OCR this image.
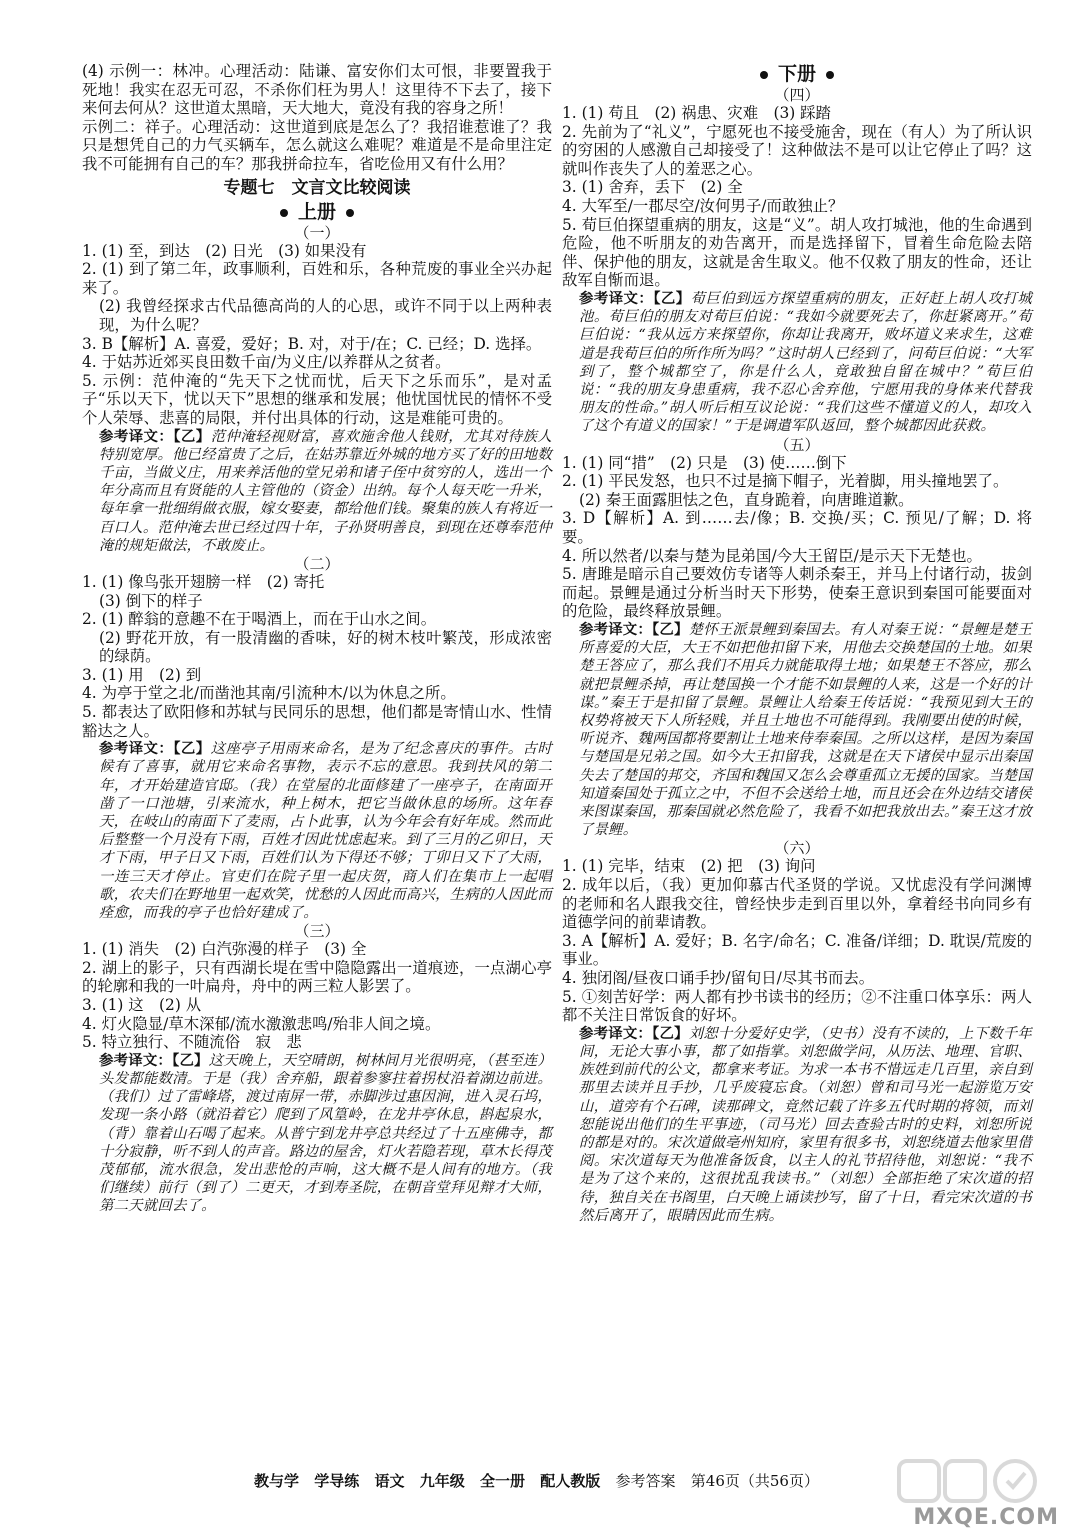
(4) 示例一：林冲。心理活动：陆谦、富安你们太可恨，非要置我于死地！我实在忍无可忍，不杀你们枉为男人！这里待不下去了，接下来何去何从？这世道太黑暗，天大地大，竟没有我的容身之所！

示例二：祥子。心理活动：这世道到底是怎么了？我招谁惹谁了？我只是想凭自己的力气买辆车，怎么就这么难呢？难道是不是命里注定我不可能拥有自己的车？那我拼命拉车，省吃俭用又有什么用？

专题七　文言文比较阅读

上册

（一）

1. (1) 至，到达　(2) 日光　(3) 如果没有

2. (1) 到了第二年，政事顺利，百姓和乐，各种荒废的事业全兴办起来了。

(2) 我曾经探求古代品德高尚的人的心思，或许不同于以上两种表现，为什么呢？

3. B【解析】A. 喜爱，爱好；B. 对，对于/在；C. 已经；D. 选择。

4. 于姑苏近郊买良田数千亩/为义庄/以养群从之贫者。

5. 示例：范仲淹的“先天下之忧而忧，后天下之乐而乐”，是对孟子“乐以天下，忧以天下”思想的继承和发展；他忧国忧民的情怀不受个人荣辱、悲喜的局限，并付出具体的行动，这是难能可贵的。

参考译文：【乙】范仲淹轻视财富，喜欢施舍他人钱财，尤其对待族人特别宽厚。他已经富贵了之后，在姑苏靠近外城的地方买了好的田地数千亩，当做义庄，用来养活他的堂兄弟和诸子侄中贫穷的人，选出一个年分高而且有贤能的人主管他的（资金）出纳。每个人每天吃一升米，每年拿一批细绢做衣服，嫁女娶妻，都给他们钱。聚集的族人有将近一百口人。范仲淹去世已经过四十年，子孙贤明善良，到现在还尊奉范仲淹的规矩做法，不敢废止。

（二）

1. (1) 像鸟张开翅膀一样　(2) 寄托

(3) 倒下的样子

2. (1) 醉翁的意趣不在于喝酒上，而在于山水之间。

(2) 野花开放，有一股清幽的香味，好的树木枝叶繁茂，形成浓密的绿荫。

3. (1) 用　(2) 到

4. 为亭于堂之北/而凿池其南/引流种木/以为休息之所。

5. 都表达了欧阳修和苏轼与民同乐的思想，他们都是寄情山水、性情豁达之人。

参考译文：【乙】这座亭子用雨来命名，是为了纪念喜庆的事件。古时候有了喜事，就用它来命名事物，表示不忘的意思。我到扶风的第二年，才开始建造官邸。（我）在堂屋的北面修建了一座亭子，在南面开凿了一口池塘，引来流水，种上树木，把它当做休息的场所。这年春天，在岐山的南面下了麦雨，占卜此事，认为今年会有好年成。然而此后整整一个月没有下雨，百姓才因此忧虑起来。到了三月的乙卯日，天才下雨，甲子日又下雨，百姓们认为下得还不够；丁卯日又下了大雨，一连三天才停止。官吏们在院子里一起庆贺，商人们在集市上一起唱歌，农夫们在野地里一起欢笑，忧愁的人因此而高兴，生病的人因此而痊愈，而我的亭子也恰好建成了。

（三）

1. (1) 消失　(2) 白汽弥漫的样子　(3) 全

2. 湖上的影子，只有西湖长堤在雪中隐隐露出一道痕迹，一点湖心亭的轮廓和我的一叶扁舟，舟中的两三粒人影罢了。

3. (1) 这　(2) 从

4. 灯火隐显/草木深郁/流水激激悲鸣/殆非人间之境。

5. 特立独行、不随流俗　寂　悲

参考译文：【乙】这天晚上，天空晴朗，树林间月光很明亮，（甚至连）头发都能数清。于是（我）舍弃船，跟着参寥拄着拐杖沿着湖边前进。（我们）过了雷峰塔，渡过南屏一带，赤脚涉过惠因涧，进入灵石坞，发现一条小路（就沿着它）爬到了风篁岭，在龙井亭休息，斟起泉水，（背）靠着山石喝了起来。从普宁到龙井亭总共经过了十五座佛寺，都十分寂静，听不到人的声音。路边的屋舍，灯火若隐若现，草木长得茂茂郁郁，流水很急，发出悲怆的声响，这大概不是人间有的地方。（我们继续）前行（到了）二更天，才到寿圣院，在朝音堂拜见辩才大师，第二天就回去了。

下册

（四）

1. (1) 苟且　(2) 祸患、灾难　(3) 踩踏

2. 先前为了“礼义”，宁愿死也不接受施舍，现在（有人）为了所认识的穷困的人感激自己却接受了！这种做法不是可以让它停止了吗？这就叫作丧失了人的羞恶之心。

3. (1) 舍弃，丢下　(2) 全

4. 大军至/一郡尽空/汝何男子/而敢独止？

5. 荀巨伯探望重病的朋友，这是“义”。胡人攻打城池，他的生命遇到危险，他不听朋友的劝告离开，而是选择留下，冒着生命危险去陪伴、保护他的朋友，这就是舍生取义。他不仅救了朋友的性命，还让敌军自惭而退。

参考译文：【乙】荀巨伯到远方探望重病的朋友，正好赶上胡人攻打城池。荀巨伯的朋友对荀巨伯说：“我如今就要死去了，你赶紧离开。”荀巨伯说：“我从远方来探望你，你却让我离开，败坏道义来求生，这难道是我荀巨伯的所作所为吗？”这时胡人已经到了，问荀巨伯说：“大军到了，整个城都空了，你是什么人，竟敢独自留在城中？”荀巨伯说：“我的朋友身患重病，我不忍心舍弃他，宁愿用我的身体来代替我朋友的性命。”胡人听后相互议论说：“我们这些不懂道义的人，却攻入了这个有道义的国家！”于是调遣军队返回，整个城都因此获救。

（五）

1. (1) 同“措”　(2) 只是　(3) 使……倒下

2. (1) 平民发怒，也只不过是摘下帽子，光着脚，用头撞地罢了。

(2) 秦王面露胆怯之色，直身跪着，向唐雎道歉。

3. D【解析】A. 到……去/像；B. 交换/买；C. 预见/了解；D. 将要。

4. 所以然者/以秦与楚为昆弟国/今大王留臣/是示天下无楚也。

5. 唐雎是暗示自己要效仿专诸等人刺杀秦王，并马上付诸行动，拔剑而起。景鲤是通过分析当时天下形势，使秦王意识到秦国可能要面对的危险，最终释放景鲤。

参考译文：【乙】楚怀王派景鲤到秦国去。有人对秦王说：“景鲤是楚王所喜爱的大臣，大王不如把他扣留下来，用他去交换楚国的土地。如果楚王答应了，那么我们不用兵力就能取得土地；如果楚王不答应，那么就把景鲤杀掉，再让楚国换一个才能不如景鲤的人来，这是一个好的计谋。”秦王于是扣留了景鲤。景鲤让人给秦王传话说：“我预见到大王的权势将被天下人所轻贱，并且土地也不可能得到。我刚要出使的时候，听说齐、魏两国都将要割让土地来侍奉秦国。之所以这样，是因为秦国与楚国是兄弟之国。如今大王扣留我，这就是在天下诸侯中显示出秦国失去了楚国的邦交，齐国和魏国又怎么会尊重孤立无援的国家。当楚国知道秦国处于孤立之中，不但不会送给土地，而且还会在外边结交诸侯来图谋秦国，那秦国就必然危险了，我看不如把我放出去。”秦王这才放了景鲤。

（六）

1. (1) 完毕，结束　(2) 把　(3) 询问

2. 成年以后，（我）更加仰慕古代圣贤的学说。又忧虑没有学问渊博的老师和名人跟我交往，曾经快步走到百里以外，拿着经书向同乡有道德学问的前辈请教。

3. A【解析】A. 爱好；B. 名字/命名；C. 准备/详细；D. 耽误/荒废的事业。

4. 独闭阁/昼夜口诵手抄/留旬日/尽其书而去。

5. ①刻苦好学：两人都有抄书读书的经历；②不注重口体享乐：两人都不关注日常饭食的好坏。

参考译文：【乙】刘恕十分爱好史学，（史书）没有不读的，上下数千年间，无论大事小事，都了如指掌。刘恕做学问，从历法、地理、官职、族姓到前代的公文，都拿来考证。为求一本书不惜远走几百里，亲自到那里去读并且手抄，几乎废寝忘食。（刘恕）曾和司马光一起游览万安山，道旁有个石碑，读那碑文，竟然记载了许多五代时期的将领，而刘恕能说出他们的生平事迹，（司马光）回去查验古时的史料，刘恕所说的都是对的。宋次道做亳州知府，家里有很多书，刘恕绕道去他家里借阅。宋次道每天为他准备饭食，以主人的礼节招待他，刘恕说：“我不是为了这个来的，这很扰乱我读书。”（刘恕）全部拒绝了宋次道的招待，独自关在书阁里，白天晚上诵读抄写，留了十日，看完宋次道的书然后离开了，眼睛因此而生病。

教与学 学导练 语文 九年级 全一册 配人教版 参考答案 第46页（共56页）
MXQE.COM
